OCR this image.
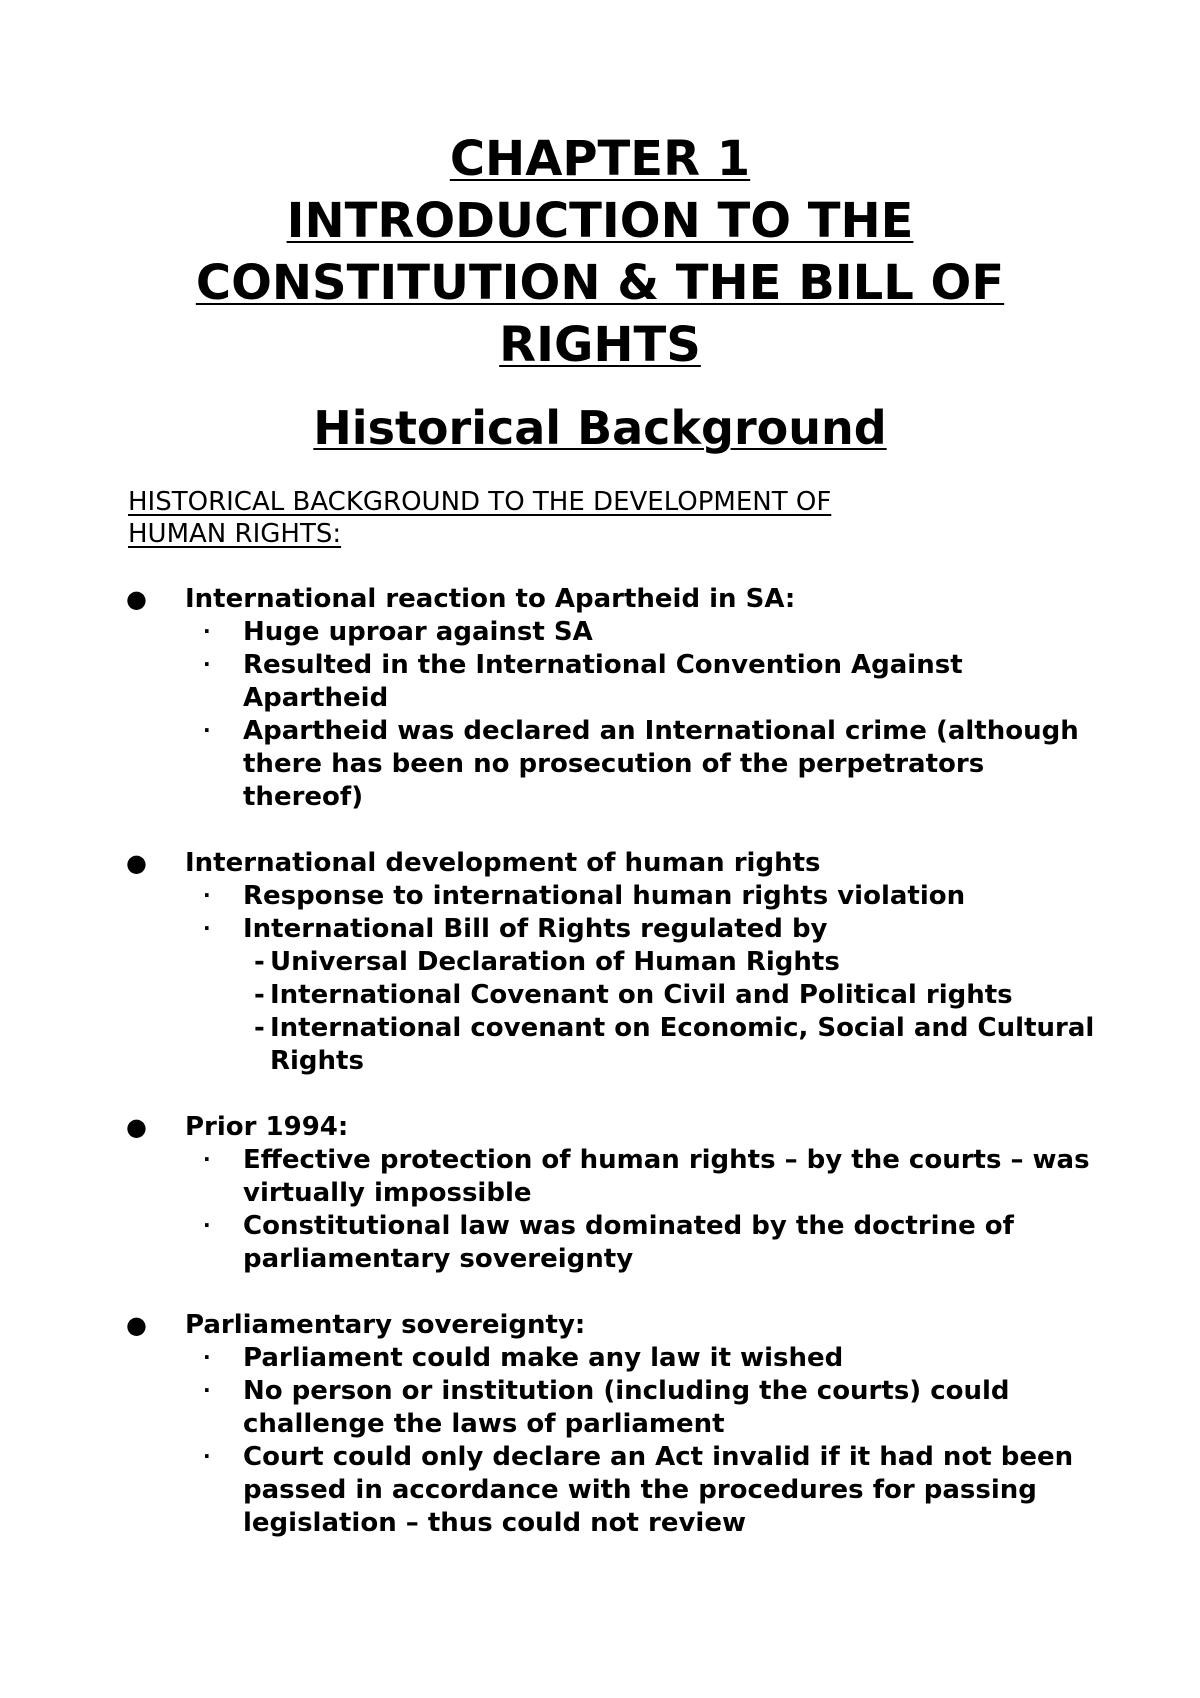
CHAPTER 1
INTRODUCTION TO THE
CONSTITUTION & THE BILL OF
RIGHTS
Historical Background
HISTORICAL BACKGROUND TO THE DEVELOPMENT OF
HUMAN RIGHTS:
● International reaction to Apartheid in SA:
· Huge uproar against SA
· Resulted in the International Convention Against Apartheid
· Apartheid was declared an International crime (although there has been no prosecution of the perpetrators thereof)
● International development of human rights
· Response to international human rights violation
· International Bill of Rights regulated by
- Universal Declaration of Human Rights
- International Covenant on Civil and Political rights
- International covenant on Economic, Social and Cultural Rights
● Prior 1994:
· Effective protection of human rights – by the courts – was virtually impossible
· Constitutional law was dominated by the doctrine of parliamentary sovereignty
● Parliamentary sovereignty:
· Parliament could make any law it wished
· No person or institution (including the courts) could challenge the laws of parliament
· Court could only declare an Act invalid if it had not been passed in accordance with the procedures for passing legislation – thus could not review
